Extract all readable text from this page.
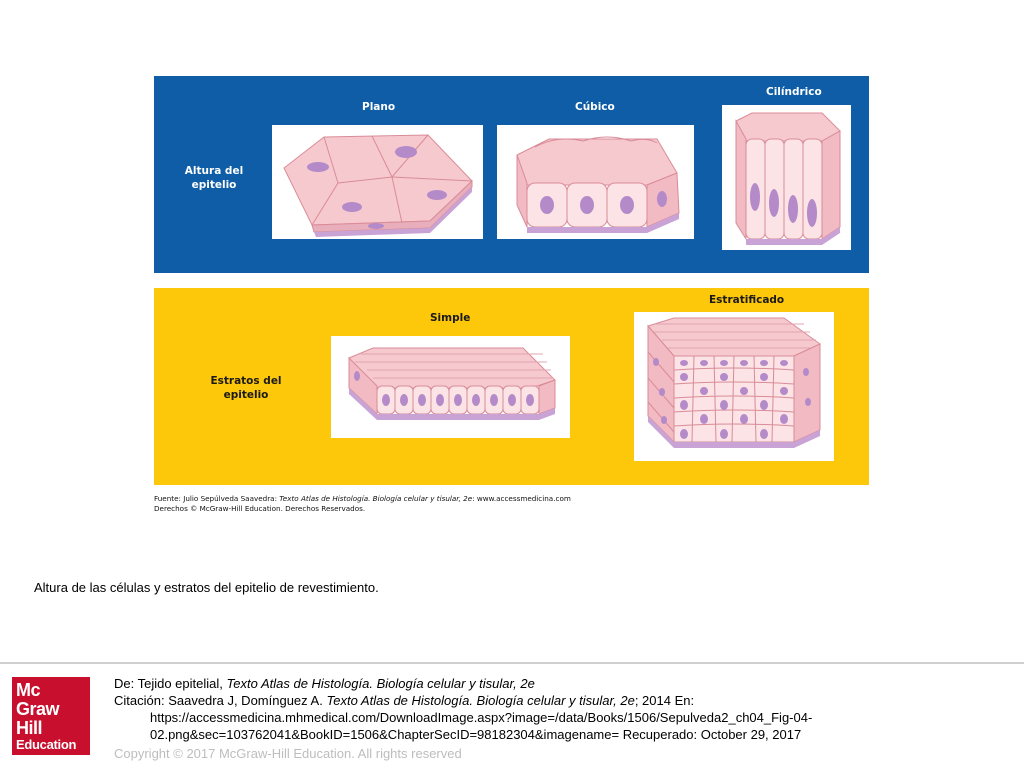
Plano	Cúbico
Cilíndrico
Altura del
epitelio
Simple
Estratificado
Estratos del
epitelio
Fuente: Julio Sepúlveda Saavedra: Texto Atlas de Histología. Biología celular y tisular, 2e: www.accessmedicina.com
Derechos © McGraw-Hill Education. Derechos Reservados.
Altura de las células y estratos del epitelio de revestimiento.
Mc
Graw
Hill
Education
De: Tejido epitelial, Texto Atlas de Histología. Biología celular y tisular, 2e
Citación: Saavedra J, Domínguez A. Texto Atlas de Histología. Biología celular y tisular, 2e; 2014 En:
https://accessmedicina.mhmedical.com/DownloadImage.aspx?image=/data/Books/1506/Sepulveda2_ch04_Fig-04-
02.png&sec=103762041&BookID=1506&ChapterSecID=98182304&imagename= Recuperado: October 29, 2017
Copyright © 2017 McGraw-Hill Education. All rights reserved
